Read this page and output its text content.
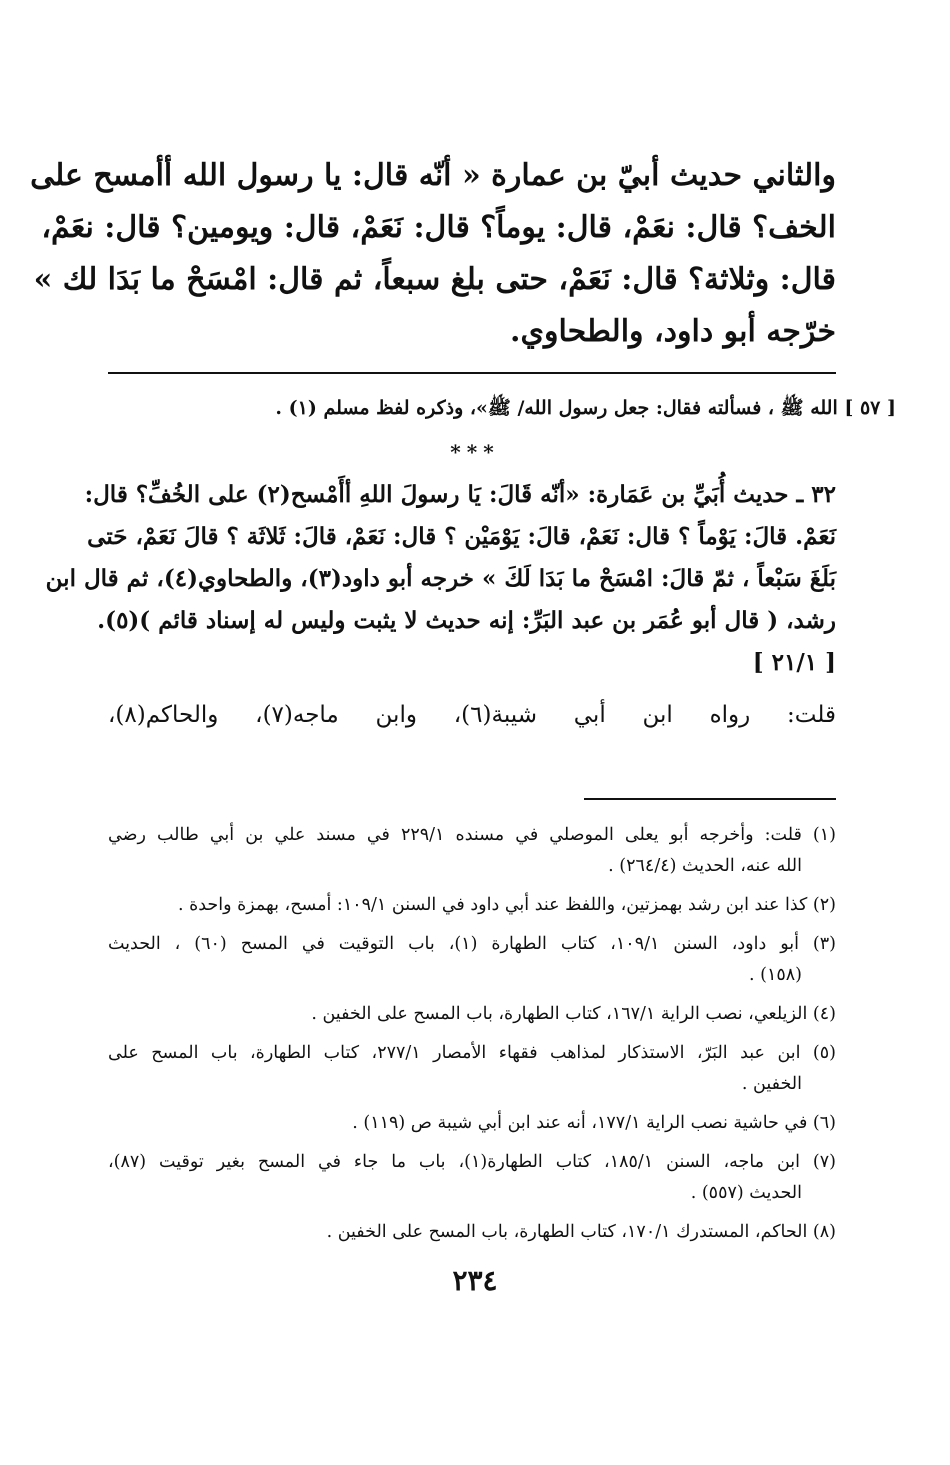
والثاني حديث أبيّ بن عمارة « أنّه قال: يا رسول الله أأمسح على
الخف؟ قال: نعَمْ، قال: يوماً؟ قال: نَعَمْ، قال: ويومين؟ قال: نعَمْ،
قال: وثلاثة؟ قال: نَعَمْ، حتى بلغ سبعاً، ثم قال: امْسَحْ ما بَدَا لك »
خرّجه أبو داود، والطحاوي.
[ ٥٧ ] الله ﷺ ، فسألته فقال: جعل رسول الله/ ﷺ»، وذكره لفظ مسلم (١) .
***
٣٢ ـ حديث أُبَيِّ بن عَمَارة: «أنّه قَالَ: يَا رسولَ اللهِ أأَمْسح(٢) على الخُفِّ؟ قال:
نَعَمْ. قالَ: يَوْماً ؟ قال: نَعَمْ، قالَ: يَوْمَيْن ؟ قال: نَعَمْ، قالَ: ثَلاثَة ؟ قالَ نَعَمْ، حَتى
بَلَغَ سَبْعاً ، ثمّ قالَ: امْسَحْ ما بَدَا لَكَ » خرجه أبو داود(٣)، والطحاوي(٤)، ثم قال ابن
رشد، ( قال أبو عُمَر بن عبد البَرِّ: إنه حديث لا يثبت وليس له إسناد قائم )(٥).
[ ٢١/١ ]
قلت: رواه ابن أبي شيبة(٦)، وابن ماجه(٧)، والحاكم(٨)،
(١) قلت: وأخرجه أبو يعلى الموصلي في مسنده ٢٢٩/١ في مسند علي بن أبي طالب رضي
الله عنه، الحديث (٢٦٤/٤) .
(٢) كذا عند ابن رشد بهمزتين، واللفظ عند أبي داود في السنن ١٠٩/١: أمسح، بهمزة واحدة .
(٣) أبو داود، السنن ١٠٩/١، كتاب الطهارة (١)، باب التوقيت في المسح (٦٠) ، الحديث
(١٥٨) .
(٤) الزيلعي، نصب الراية ١٦٧/١، كتاب الطهارة، باب المسح على الخفين .
(٥) ابن عبد البَرّ، الاستذكار لمذاهب فقهاء الأمصار ٢٧٧/١، كتاب الطهارة، باب المسح على
الخفين .
(٦) في حاشية نصب الراية ١٧٧/١، أنه عند ابن أبي شيبة ص (١١٩) .
(٧) ابن ماجه، السنن ١٨٥/١، كتاب الطهارة(١)، باب ما جاء في المسح بغير توقيت (٨٧)،
الحديث (٥٥٧) .
(٨) الحاكم، المستدرك ١٧٠/١، كتاب الطهارة، باب المسح على الخفين .
٢٣٤
